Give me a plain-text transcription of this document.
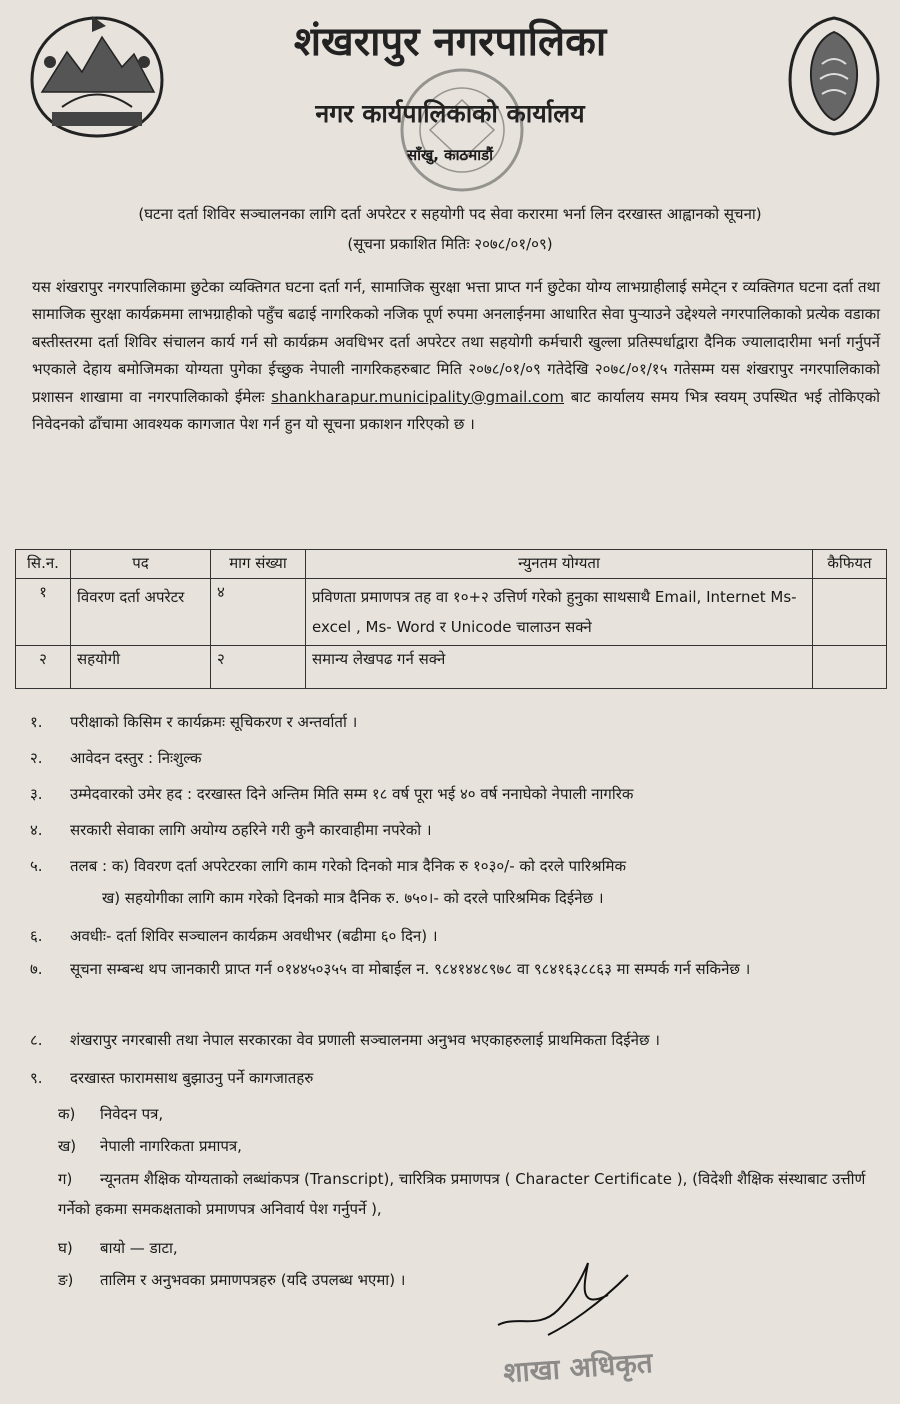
शंखरापुर नगरपालिका
नगर कार्यपालिकाको कार्यालय
साँखु, काठमाडौं
(घटना दर्ता शिविर सञ्चालनका लागि दर्ता अपरेटर र सहयोगी पद सेवा करारमा भर्ना लिन दरखास्त आह्वानको सूचना)
(सूचना प्रकाशित मितिः २०७८/०१/०९)
यस शंखरापुर नगरपालिकामा छुटेका व्यक्तिगत घटना दर्ता गर्न, सामाजिक सुरक्षा भत्ता प्राप्त गर्न छुटेका योग्य लाभग्राहीलाई समेट्न र व्यक्तिगत घटना दर्ता तथा सामाजिक सुरक्षा कार्यक्रममा लाभग्राहीको पहुँच बढाई नागरिकको नजिक पूर्ण रुपमा अनलाईनमा आधारित सेवा पुऱ्याउने उद्देश्यले नगरपालिकाको प्रत्येक वडाका बस्तीस्तरमा दर्ता शिविर संचालन कार्य गर्न सो कार्यक्रम अवधिभर दर्ता अपरेटर तथा सहयोगी कर्मचारी खुल्ला प्रतिस्पर्धाद्वारा दैनिक ज्यालादारीमा भर्ना गर्नुपर्ने भएकाले देहाय बमोजिमका योग्यता पुगेका ईच्छुक नेपाली नागरिकहरुबाट मिति २०७८/०१/०९ गतेदेखि २०७८/०१/१५ गतेसम्म यस शंखरापुर नगरपालिकाको प्रशासन शाखामा वा नगरपालिकाको ईमेलः shankharapur.municipality@gmail.com बाट कार्यालय समय भित्र स्वयम् उपस्थित भई तोकिएको निवेदनको ढाँचामा आवश्यक कागजात पेश गर्न हुन यो सूचना प्रकाशन गरिएको छ ।
सि.न.	पद	माग संख्या	न्युनतम योग्यता	कैफियत
१	विवरण दर्ता अपरेटर	४	प्रविणता प्रमाणपत्र तह वा १०+२ उत्तिर्ण गरेको हुनुका साथसाथै Email, Internet Ms-excel , Ms- Word र Unicode चालाउन सक्ने	
२	सहयोगी	२	समान्य लेखपढ गर्न सक्ने	
१. परीक्षाको किसिम र कार्यक्रमः सूचिकरण र अन्तर्वार्ता ।
२. आवेदन दस्तुर : निःशुल्क
३. उम्मेदवारको उमेर हद : दरखास्त दिने अन्तिम मिति सम्म १८ वर्ष पूरा भई ४० वर्ष ननाघेको नेपाली नागरिक
४. सरकारी सेवाका लागि अयोग्य ठहरिने गरी कुनै कारवाहीमा नपरेको ।
५. तलब : क) विवरण दर्ता अपरेटरका लागि काम गरेको दिनको मात्र दैनिक रु १०३०/- को दरले पारिश्रमिक
ख) सहयोगीका लागि काम गरेको दिनको मात्र दैनिक रु. ७५०।- को दरले पारिश्रमिक दिईनेछ ।
६. अवधीः- दर्ता शिविर सञ्चालन कार्यक्रम अवधीभर (बढीमा ६० दिन) ।
७. सूचना सम्बन्ध थप जानकारी प्राप्त गर्न ०१४४५०३५५ वा मोबाईल न. ९८४१४४८९७८ वा ९८४१६३८८६३ मा सम्पर्क गर्न सकिनेछ ।
८. शंखरापुर नगरबासी तथा नेपाल सरकारका वेव प्रणाली सञ्चालनमा अनुभव भएकाहरुलाई प्राथमिकता दिईनेछ ।
९. दरखास्त फारामसाथ बुझाउनु पर्ने कागजातहरु
क) निवेदन पत्र,
ख) नेपाली नागरिकता प्रमापत्र,
ग) न्यूनतम शैक्षिक योग्यताको लब्धांकपत्र (Transcript), चारित्रिक प्रमाणपत्र ( Character Certificate ), (विदेशी शैक्षिक संस्थाबाट उत्तीर्ण गर्नेको हकमा समकक्षताको प्रमाणपत्र अनिवार्य पेश गर्नुपर्ने ),
घ) बायो — डाटा,
ङ) तालिम र अनुभवका प्रमाणपत्रहरु (यदि उपलब्ध भएमा) ।
शाखा अधिकृत
